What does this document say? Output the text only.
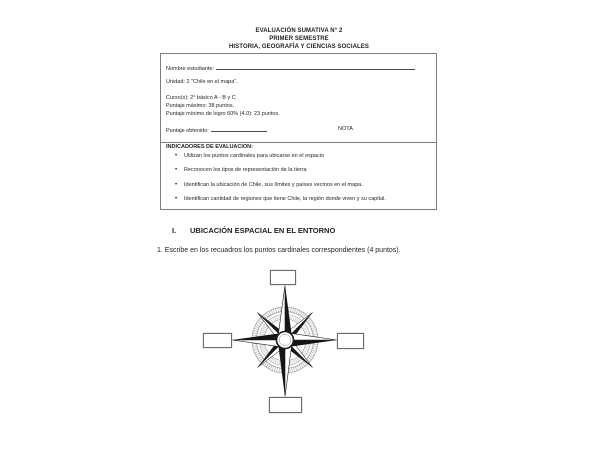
EVALUACIÓN SUMATIVA N° 2
PRIMER SEMESTRE
HISTORIA, GEOGRAFÍA Y CIENCIAS SOCIALES
Nombre estudiante:
Unidad: 2 "Chile en el mapa".
Curso(s): 2° básico A - B y C
Puntaje máximo: 38 puntos.
Puntaje mínimo de logro 60% (4.0): 23 puntos.
Puntaje obtenido:	NOTA
INDICADORES DE EVALUACION:
• Utilizan los puntos cardinales para ubicarse en el espacio
• Reconocen los tipos de representación de la tierra
• Identifican la ubicación de Chile, sus límites y países vecinos en el mapa.
• Identifican cantidad de regiones que tiene Chile, la región donde viven y su capital.
I. UBICACIÓN ESPACIAL EN EL ENTORNO
1. Escribe en los recuadros los puntos cardinales correspondientes (4 puntos).
